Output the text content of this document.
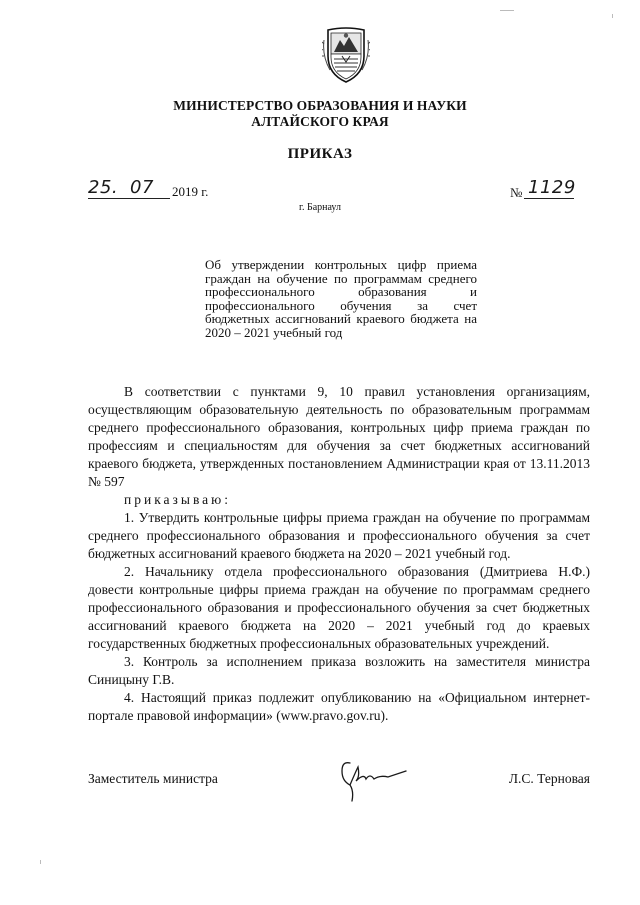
МИНИСТЕРСТВО ОБРАЗОВАНИЯ И НАУКИ
АЛТАЙСКОГО КРАЯ
ПРИКАЗ
25. 07 2019 г.	№ 1129
г. Барнаул
Об утверждении контрольных цифр приема граждан на обучение по программам среднего профессионального образования и профессионального обучения за счет бюджетных ассигнований краевого бюджета на 2020 – 2021 учебный год

В соответствии с пунктами 9, 10 правил установления организациям, осуществляющим образовательную деятельность по образовательным программам среднего профессионального образования, контрольных цифр приема граждан по профессиям и специальностям для обучения за счет бюджетных ассигнований краевого бюджета, утвержденных постановлением Администрации края от 13.11.2013 № 597

приказываю:

1. Утвердить контрольные цифры приема граждан на обучение по программам среднего профессионального образования и профессионального обучения за счет бюджетных ассигнований краевого бюджета на 2020 – 2021 учебный год.

2. Начальнику отдела профессионального образования (Дмитриева Н.Ф.) довести контрольные цифры приема граждан на обучение по программам среднего профессионального образования и профессионального обучения за счет бюджетных ассигнований краевого бюджета на 2020 – 2021 учебный год до краевых государственных бюджетных профессиональных образовательных учреждений.

3. Контроль за исполнением приказа возложить на заместителя министра Синицыну Г.В.

4. Настоящий приказ подлежит опубликованию на «Официальном интернет-портале правовой информации» (www.pravo.gov.ru).

Заместитель министра	Л.С. Терновая
